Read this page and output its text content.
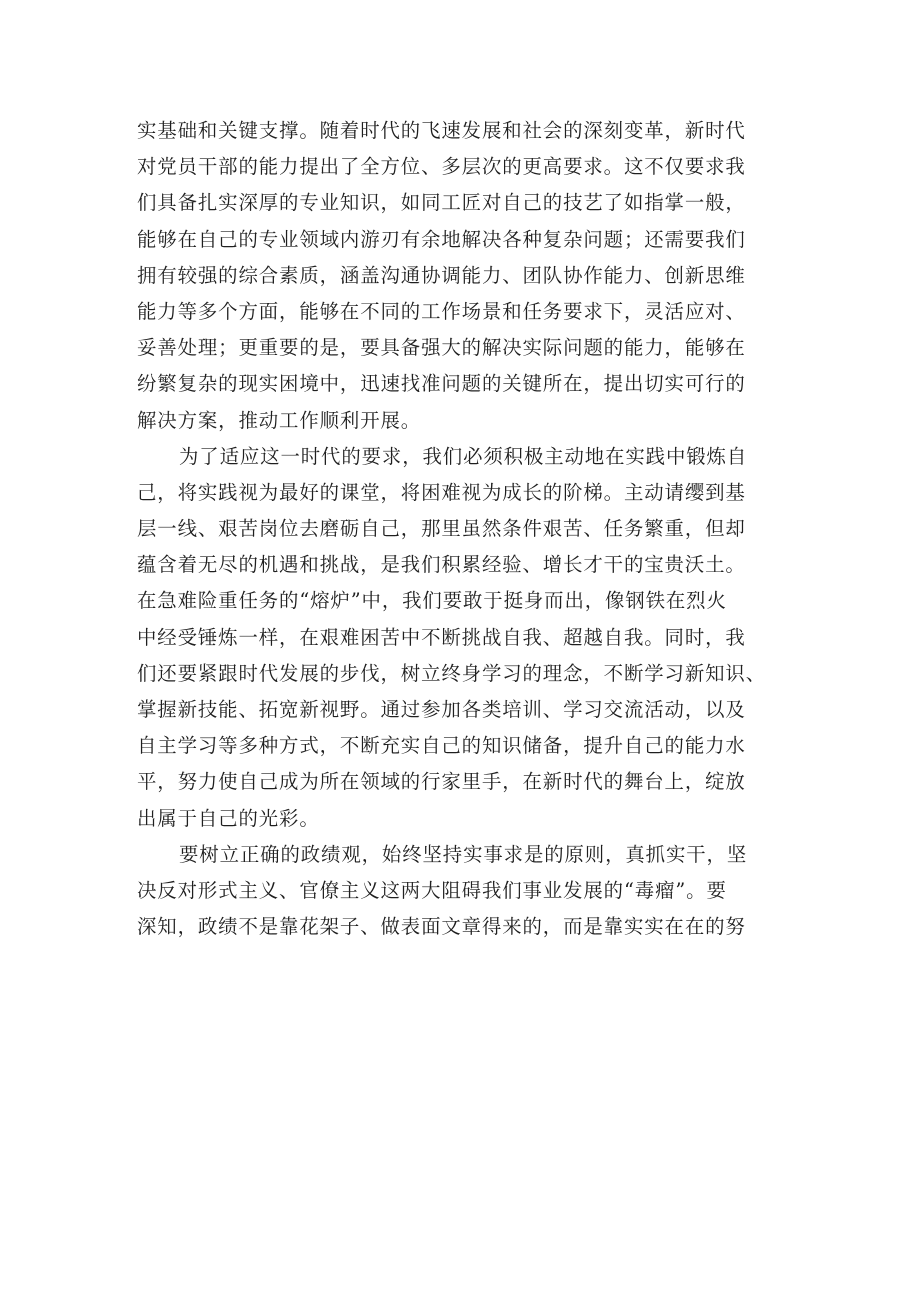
实基础和关键支撑。随着时代的飞速发展和社会的深刻变革，新时代
对党员干部的能力提出了全方位、多层次的更高要求。这不仅要求我
们具备扎实深厚的专业知识，如同工匠对自己的技艺了如指掌一般，
能够在自己的专业领域内游刃有余地解决各种复杂问题；还需要我们
拥有较强的综合素质，涵盖沟通协调能力、团队协作能力、创新思维
能力等多个方面，能够在不同的工作场景和任务要求下，灵活应对、
妥善处理；更重要的是，要具备强大的解决实际问题的能力，能够在
纷繁复杂的现实困境中，迅速找准问题的关键所在，提出切实可行的
解决方案，推动工作顺利开展。
为了适应这一时代的要求，我们必须积极主动地在实践中锻炼自
己，将实践视为最好的课堂，将困难视为成长的阶梯。主动请缨到基
层一线、艰苦岗位去磨砺自己，那里虽然条件艰苦、任务繁重，但却
蕴含着无尽的机遇和挑战，是我们积累经验、增长才干的宝贵沃土。
在急难险重任务的“熔炉”中，我们要敢于挺身而出，像钢铁在烈火
中经受锤炼一样，在艰难困苦中不断挑战自我、超越自我。同时，我
们还要紧跟时代发展的步伐，树立终身学习的理念，不断学习新知识、
掌握新技能、拓宽新视野。通过参加各类培训、学习交流活动，以及
自主学习等多种方式，不断充实自己的知识储备，提升自己的能力水
平，努力使自己成为所在领域的行家里手，在新时代的舞台上，绽放
出属于自己的光彩。
要树立正确的政绩观，始终坚持实事求是的原则，真抓实干，坚
决反对形式主义、官僚主义这两大阻碍我们事业发展的“毒瘤”。要
深知，政绩不是靠花架子、做表面文章得来的，而是靠实实在在的努
